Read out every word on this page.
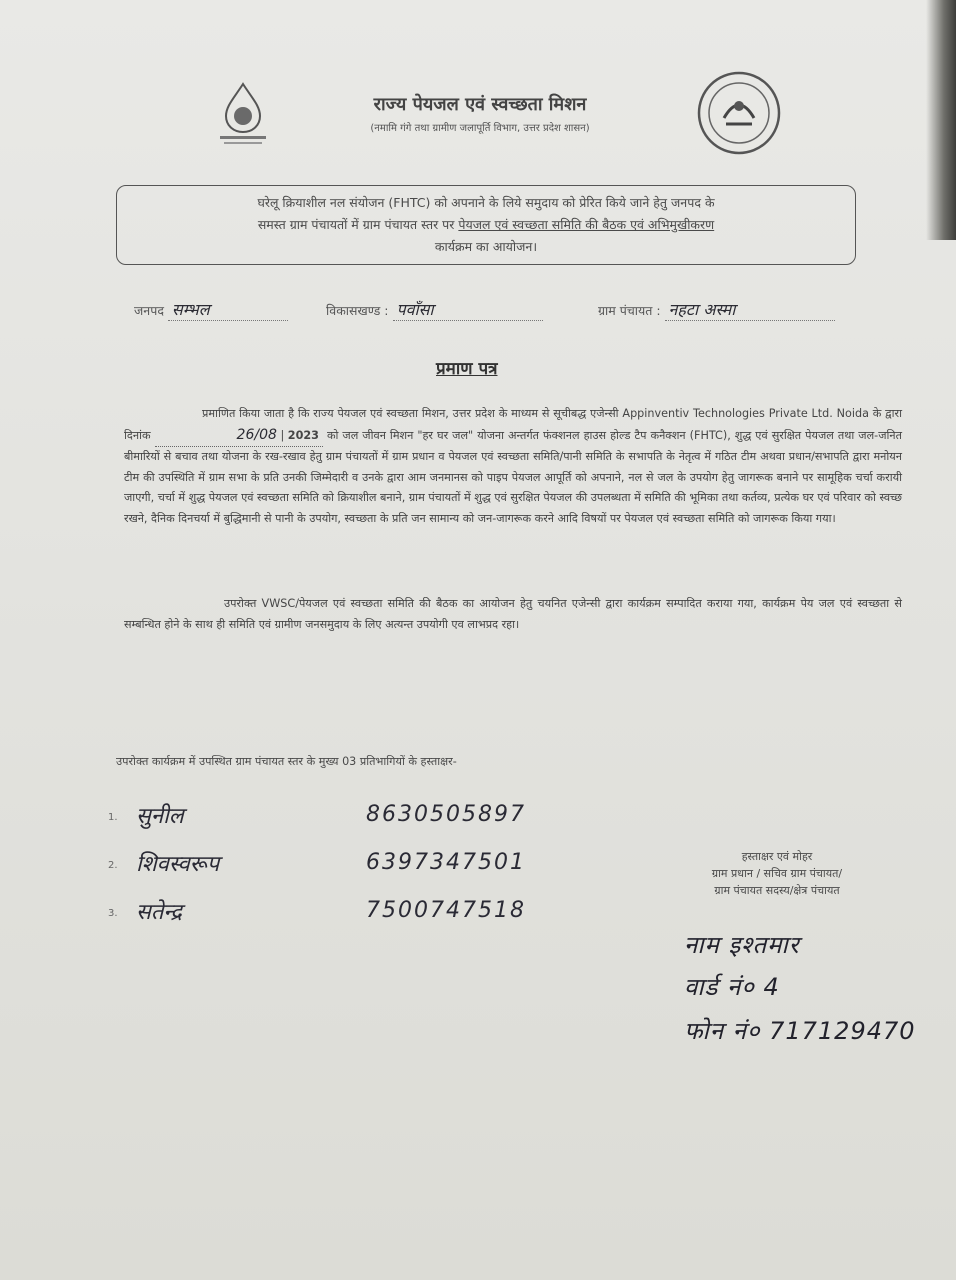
राज्य पेयजल एवं स्वच्छता मिशन
(नमामि गंगे तथा ग्रामीण जलापूर्ति विभाग, उत्तर प्रदेश शासन)
घरेलू क्रियाशील नल संयोजन (FHTC) को अपनाने के लिये समुदाय को प्रेरित किये जाने हेतु जनपद के
समस्त ग्राम पंचायतों में ग्राम पंचायत स्तर पर पेयजल एवं स्वच्छता समिति की बैठक एवं अभिमुखीकरण
कार्यक्रम का आयोजन।
जनपद सम्भल	विकासखण्ड :  पवाँसा	ग्राम पंचायत :  नहटा अस्मा
प्रमाण पत्र
प्रमाणित किया जाता है कि राज्य पेयजल एवं स्वच्छता मिशन, उत्तर प्रदेश के माध्यम से सूचीबद्ध एजेन्सी Appinventiv Technologies Private Ltd. Noida के द्वारा दिनांक	26/08 | 2023 को जल जीवन मिशन "हर घर जल" योजना अन्तर्गत फंक्शनल हाउस होल्ड टैप कनैक्शन (FHTC), शुद्ध एवं सुरक्षित पेयजल तथा जल-जनित बीमारियों से बचाव तथा योजना के रख-रखाव हेतु ग्राम पंचायतों में ग्राम प्रधान व पेयजल एवं स्वच्छता समिति/पानी समिति के सभापति के नेतृत्व में गठित टीम अथवा प्रधान/सभापति द्वारा मनोयन टीम की उपस्थिति में ग्राम सभा के प्रति उनकी जिम्मेदारी व उनके द्वारा आम जनमानस को पाइप पेयजल आपूर्ति को अपनाने, नल से जल के उपयोग हेतु जागरूक बनाने पर सामूहिक चर्चा करायी जाएगी, चर्चा में शुद्ध पेयजल एवं स्वच्छता समिति को क्रियाशील बनाने, ग्राम पंचायतों में शुद्ध एवं सुरक्षित पेयजल की उपलब्धता में समिति की भूमिका तथा कर्तव्य, प्रत्येक घर एवं परिवार को स्वच्छ रखने, दैनिक दिनचर्या में बुद्धिमानी से पानी के उपयोग, स्वच्छता के प्रति जन सामान्य को जन-जागरूक करने आदि विषयों पर पेयजल एवं स्वच्छता समिति को जागरूक किया गया।
उपरोक्त VWSC/पेयजल एवं स्वच्छता समिति की बैठक का आयोजन हेतु चयनित एजेन्सी द्वारा कार्यक्रम सम्पादित कराया गया, कार्यक्रम पेय जल एवं स्वच्छता से सम्बन्धित होने के साथ ही समिति एवं ग्रामीण जनसमुदाय के लिए अत्यन्त उपयोगी एव लाभप्रद रहा।
उपरोक्त कार्यक्रम में उपस्थित ग्राम पंचायत स्तर के मुख्य 03 प्रतिभागियों के हस्ताक्षर-
1. सुनील	8630505897
2. शिवस्वरूप	6397347501
3. सतेन्द्र	7500747518
हस्ताक्षर एवं मोहर
ग्राम प्रधान / सचिव ग्राम पंचायत/
ग्राम पंचायत सदस्य/क्षेत्र पंचायत
नाम इश्तमार
वार्ड नं० 4
फोन नं० 717129470
